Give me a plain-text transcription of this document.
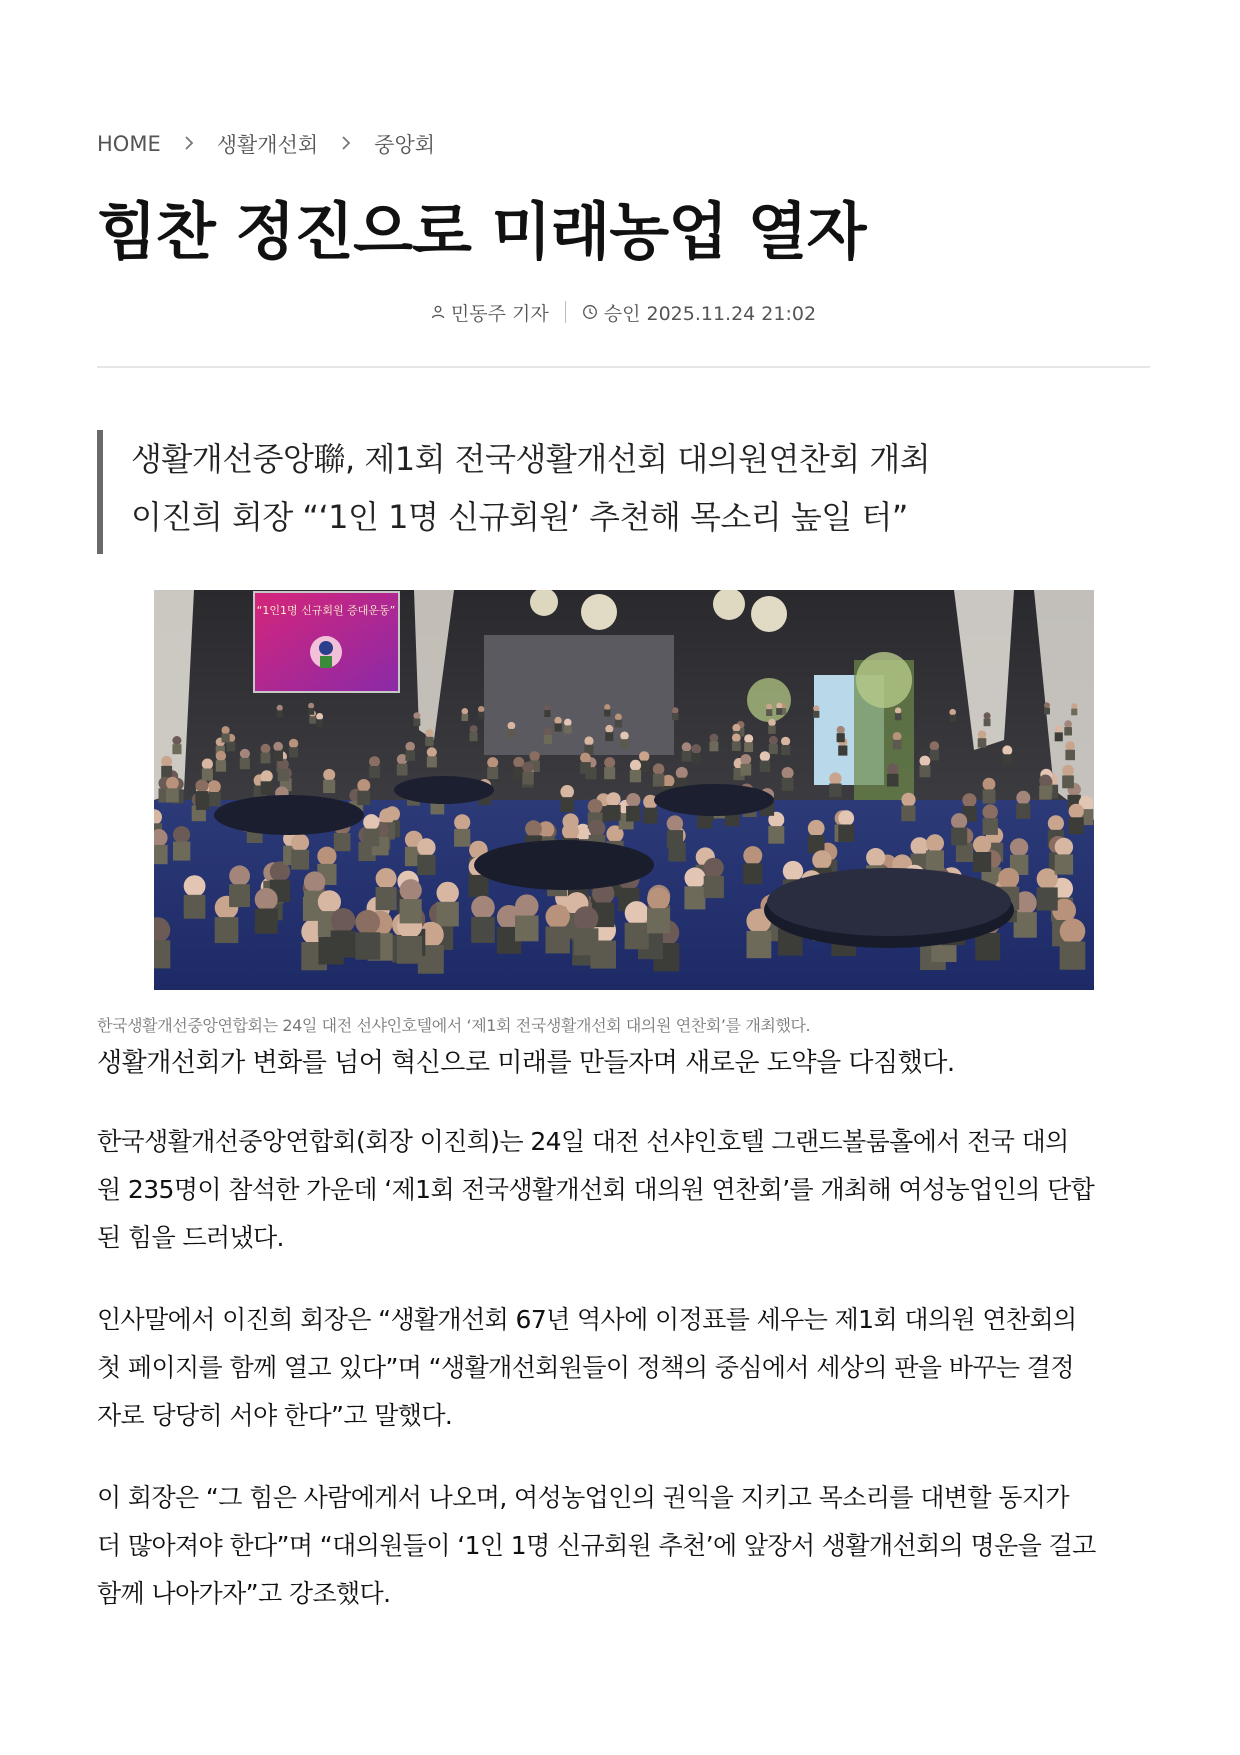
HOME	생활개선회	중앙회
힘찬 정진으로 미래농업 열자
민동주 기자	승인 2025.11.24 21:02
생활개선중앙聯, 제1회 전국생활개선회 대의원연찬회 개최
이진희 회장 “‘1인 1명 신규회원’ 추천해 목소리 높일 터”
“1인1명 신규회원 증대운동”
한국생활개선중앙연합회는 24일 대전 선샤인호텔에서 ‘제1회 전국생활개선회 대의원 연찬회’를 개최했다.
생활개선회가 변화를 넘어 혁신으로 미래를 만들자며 새로운 도약을 다짐했다.

한국생활개선중앙연합회(회장 이진희)는 24일 대전 선샤인호텔 그랜드볼룸홀에서 전국 대의
원 235명이 참석한 가운데 ‘제1회 전국생활개선회 대의원 연찬회’를 개최해 여성농업인의 단합
된 힘을 드러냈다.

인사말에서 이진희 회장은 “생활개선회 67년 역사에 이정표를 세우는 제1회 대의원 연찬회의
첫 페이지를 함께 열고 있다”며 “생활개선회원들이 정책의 중심에서 세상의 판을 바꾸는 결정
자로 당당히 서야 한다”고 말했다.

이 회장은 “그 힘은 사람에게서 나오며, 여성농업인의 권익을 지키고 목소리를 대변할 동지가
더 많아져야 한다”며 “대의원들이 ‘1인 1명 신규회원 추천’에 앞장서 생활개선회의 명운을 걸고
함께 나아가자”고 강조했다.
